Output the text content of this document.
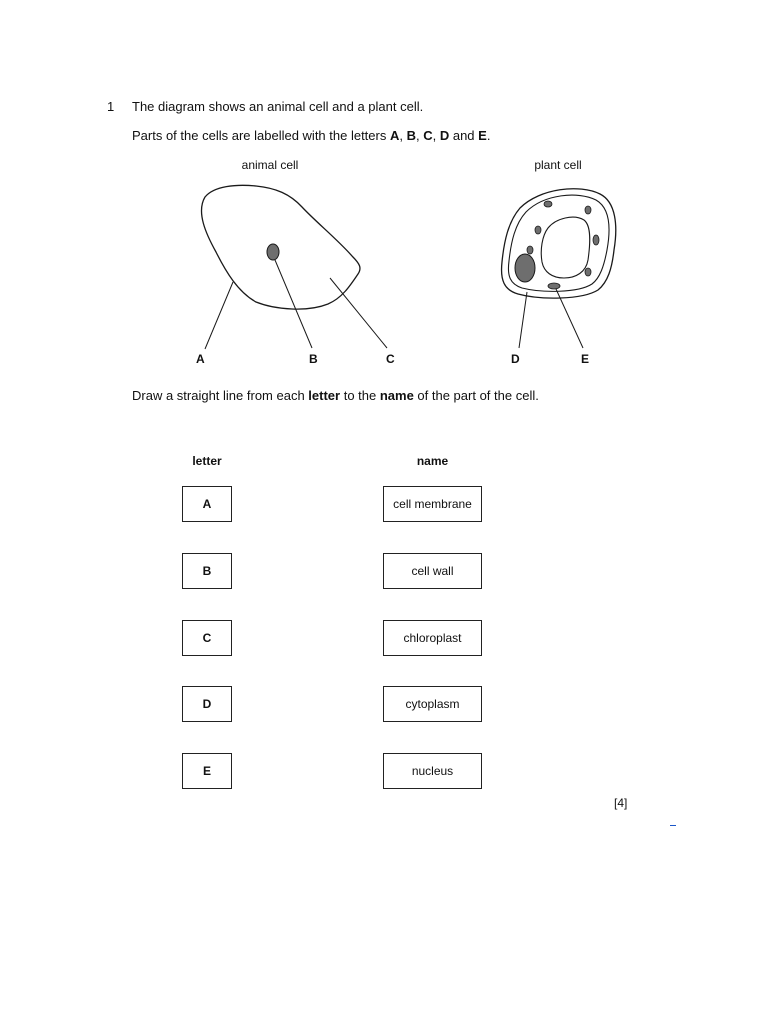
1 The diagram shows an animal cell and a plant cell.
Parts of the cells are labelled with the letters A, B, C, D and E.
animal cell	plant cell
A	B	C	D	E
Draw a straight line from each letter to the name of the part of the cell.
letter	name
A
B
C
D
E
cell membrane
cell wall
chloroplast
cytoplasm
nucleus
[4]
